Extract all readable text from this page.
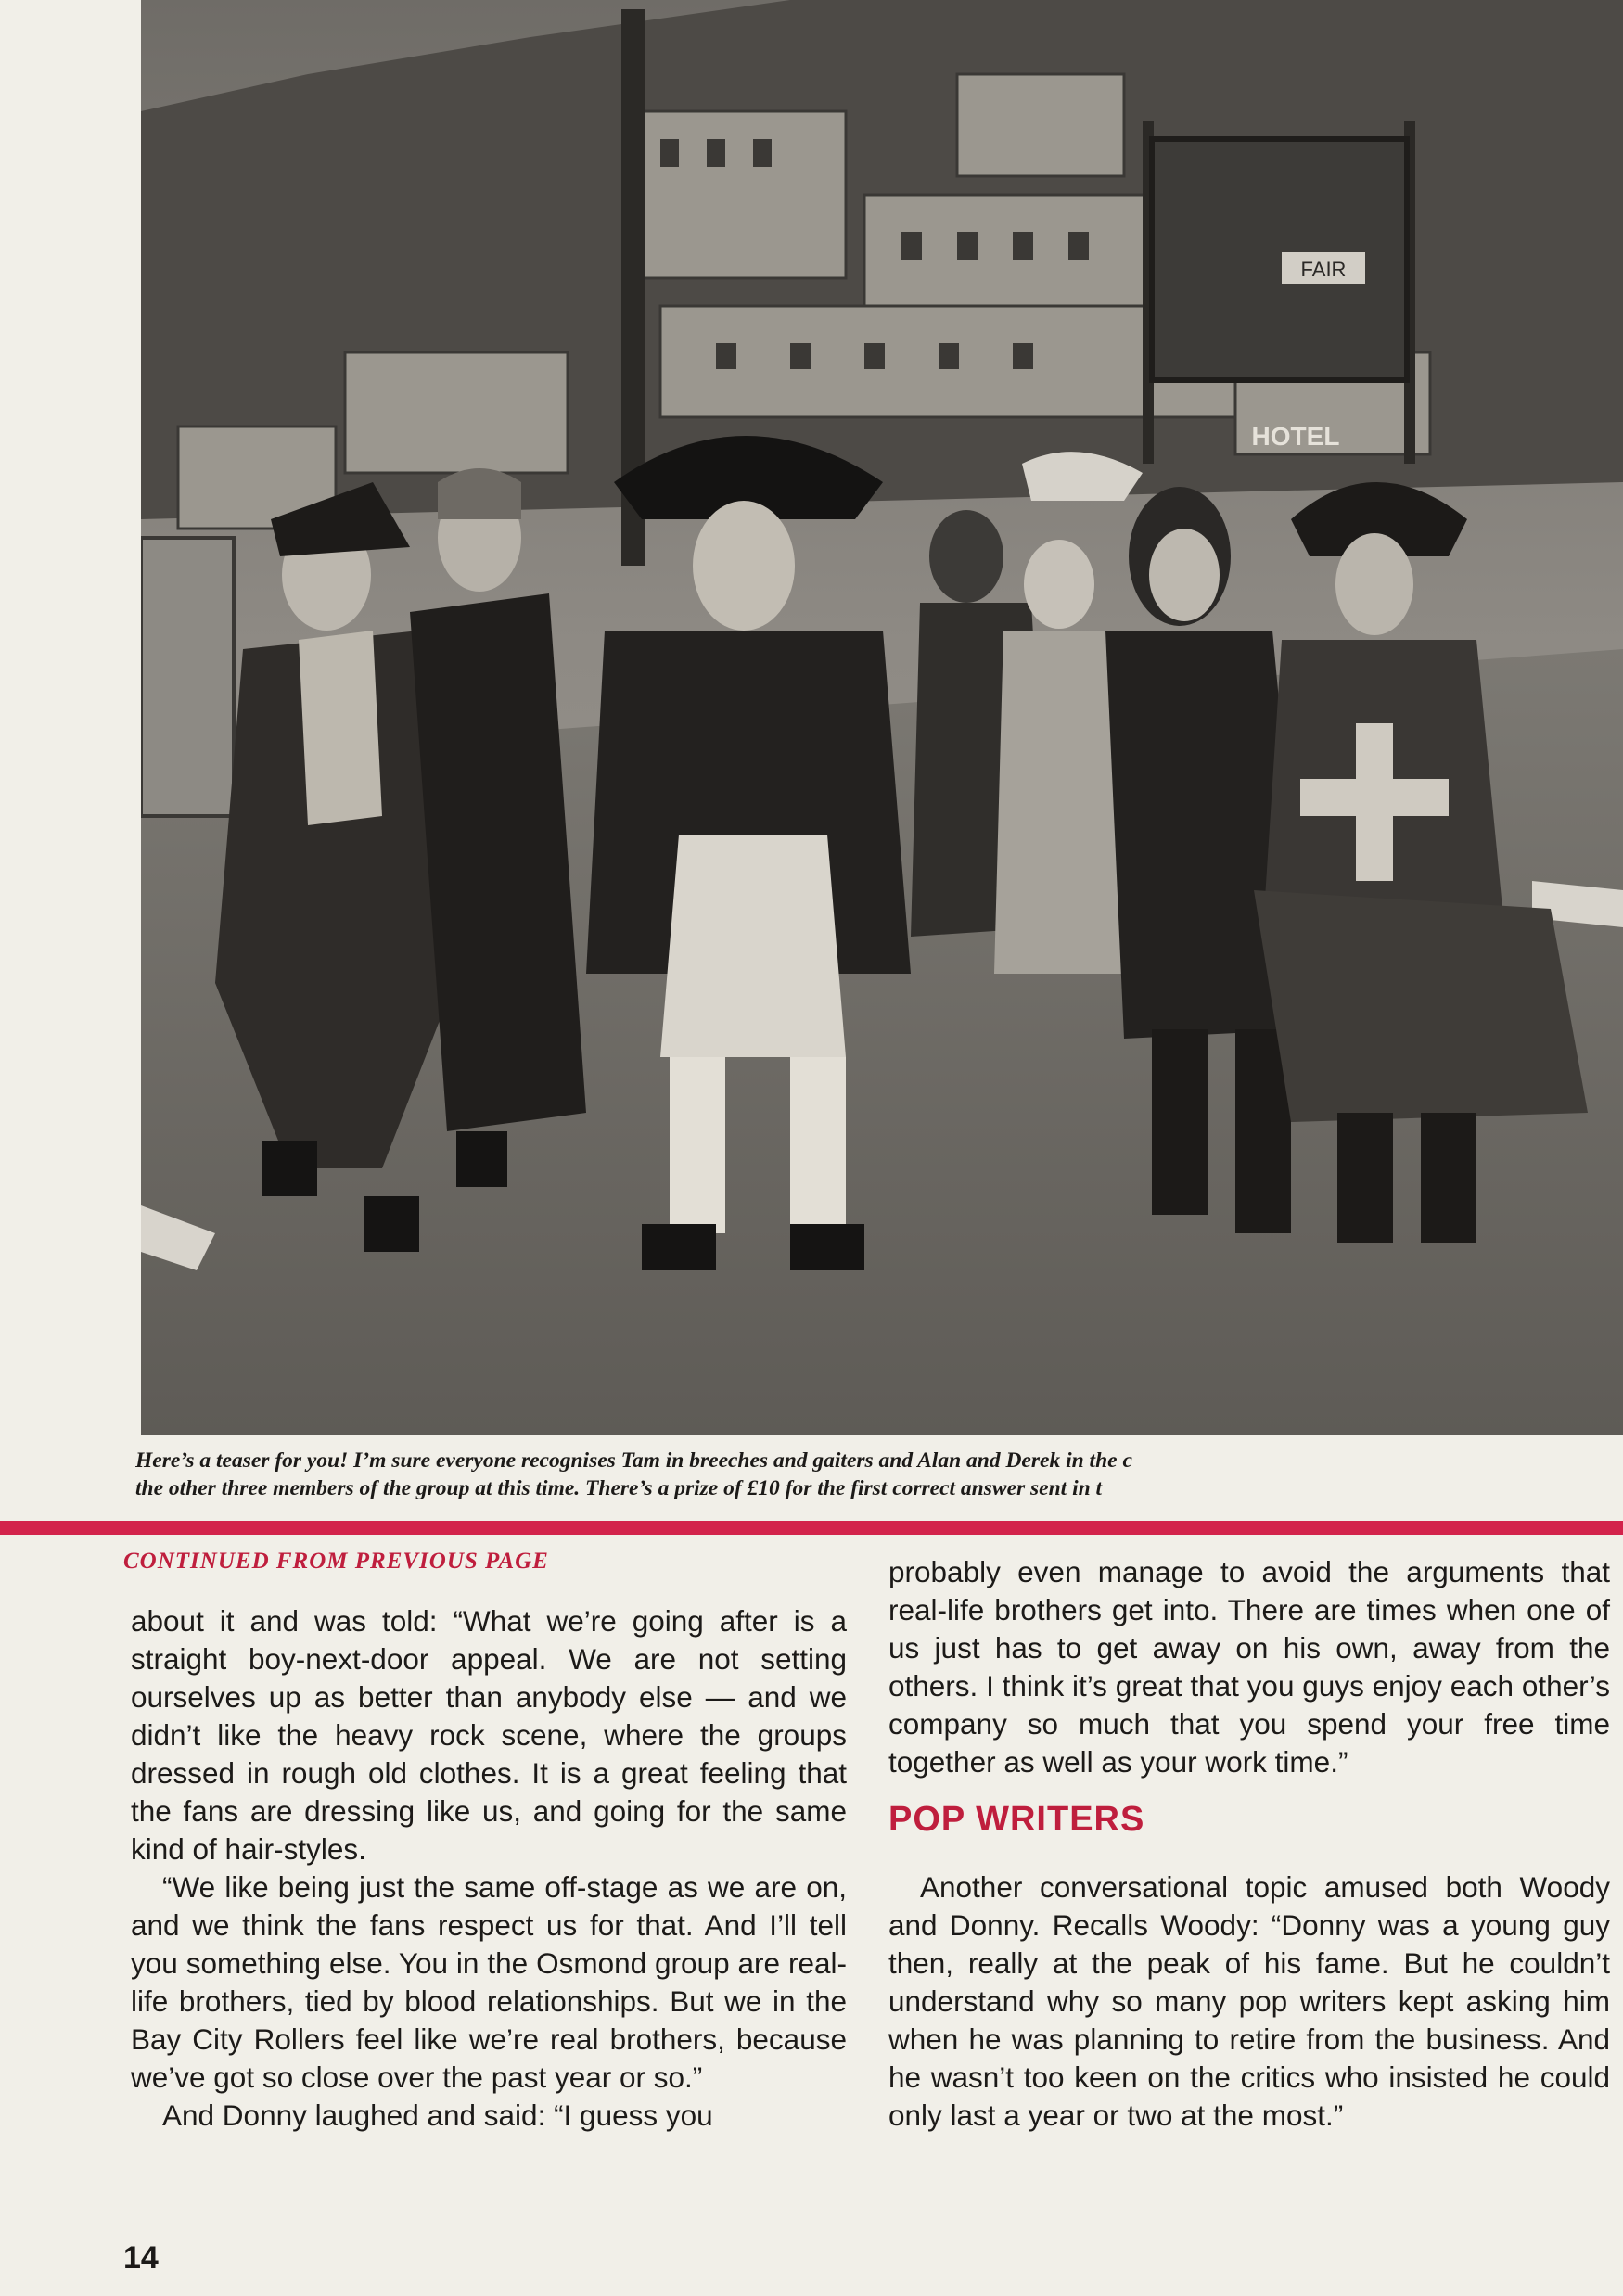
FAIR
HOTEL
Here’s a teaser for you! I’m sure everyone recognises Tam in breeches and gaiters and Alan and Derek in the c
the other three members of the group at this time. There’s a prize of £10 for the first correct answer sent in t
CONTINUED FROM PREVIOUS PAGE

about it and was told: “What we’re going after is a straight boy-next-door appeal. We are not setting ourselves up as better than anybody else — and we didn’t like the heavy rock scene, where the groups dressed in rough old clothes. It is a great feeling that the fans are dressing like us, and going for the same kind of hair-styles.

“We like being just the same off-stage as we are on, and we think the fans respect us for that. And I’ll tell you something else. You in the Osmond group are real-life brothers, tied by blood relationships. But we in the Bay City Rollers feel like we’re real brothers, because we’ve got so close over the past year or so.”

And Donny laughed and said: “I guess you

probably even manage to avoid the arguments that real-life brothers get into. There are times when one of us just has to get away on his own, away from the others. I think it’s great that you guys enjoy each other’s company so much that you spend your free time together as well as your work time.”

POP WRITERS

Another conversational topic amused both Woody and Donny. Recalls Woody: “Donny was a young guy then, really at the peak of his fame. But he couldn’t understand why so many pop writers kept asking him when he was planning to retire from the business. And he wasn’t too keen on the critics who insisted he could only last a year or two at the most.”

14
